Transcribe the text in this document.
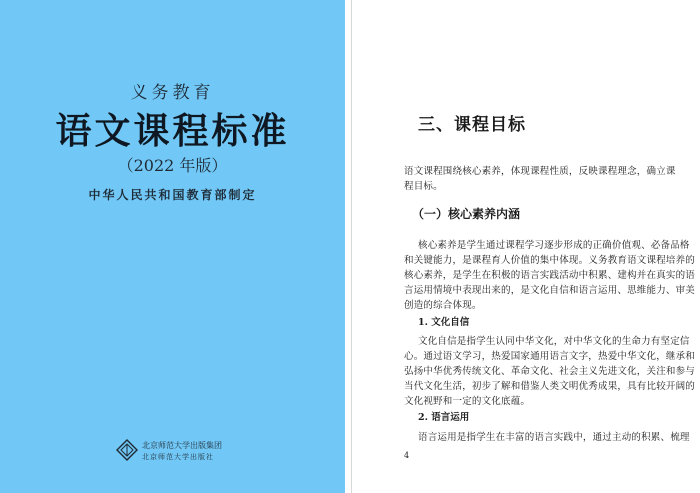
义务教育
语文课程标准
（2022 年版）
中华人民共和国教育部制定
北京师范大学出版集团
北京师范大学出版社
三、课程目标
语文课程围绕核心素养，体现课程性质，反映课程理念，确立课
程目标。
（一）核心素养内涵
核心素养是学生通过课程学习逐步形成的正确价值观、必备品格
和关键能力，是课程育人价值的集中体现。义务教育语文课程培养的
核心素养，是学生在积极的语言实践活动中积累、建构并在真实的语
言运用情境中表现出来的，是文化自信和语言运用、思维能力、审美
创造的综合体现。
1. 文化自信
文化自信是指学生认同中华文化，对中华文化的生命力有坚定信
心。通过语文学习，热爱国家通用语言文字，热爱中华文化，继承和
弘扬中华优秀传统文化、革命文化、社会主义先进文化，关注和参与
当代文化生活，初步了解和借鉴人类文明优秀成果，具有比较开阔的
文化视野和一定的文化底蕴。
2. 语言运用
语言运用是指学生在丰富的语言实践中，通过主动的积累、梳理
4
